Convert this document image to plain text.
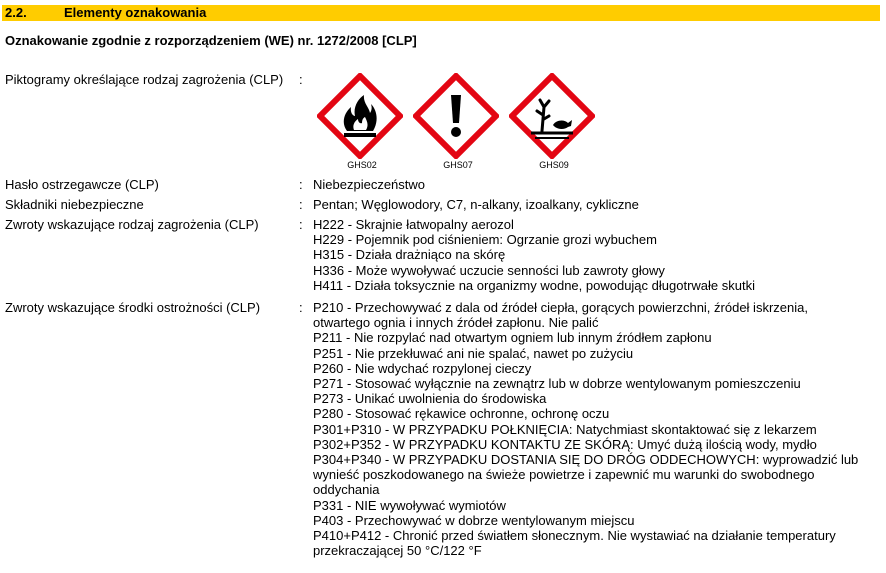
2.2.	Elementy oznakowania
Oznakowanie zgodnie z rozporządzeniem (WE) nr. 1272/2008 [CLP]
Piktogramy określające rodzaj zagrożenia (CLP) :
GHS02	GHS07	GHS09
Hasło ostrzegawcze (CLP)	: Niebezpieczeństwo
Składniki niebezpieczne	: Pentan; Węglowodory, C7, n-alkany, izoalkany, cykliczne
Zwroty wskazujące rodzaj zagrożenia (CLP)	: H222 - Skrajnie łatwopalny aerozol
H229 - Pojemnik pod ciśnieniem: Ogrzanie grozi wybuchem
H315 - Działa drażniąco na skórę
H336 - Może wywoływać uczucie senności lub zawroty głowy
H411 - Działa toksycznie na organizmy wodne, powodując długotrwałe skutki
Zwroty wskazujące środki ostrożności (CLP)	: P210 - Przechowywać z dala od źródeł ciepła, gorących powierzchni, źródeł iskrzenia,
otwartego ognia i innych źródeł zapłonu. Nie palić
P211 - Nie rozpylać nad otwartym ogniem lub innym źródłem zapłonu
P251 - Nie przekłuwać ani nie spalać, nawet po zużyciu
P260 - Nie wdychać rozpylonej cieczy
P271 - Stosować wyłącznie na zewnątrz lub w dobrze wentylowanym pomieszczeniu
P273 - Unikać uwolnienia do środowiska
P280 - Stosować rękawice ochronne, ochronę oczu
P301+P310 - W PRZYPADKU POŁKNIĘCIA: Natychmiast skontaktować się z lekarzem
P302+P352 - W PRZYPADKU KONTAKTU ZE SKÓRĄ: Umyć dużą ilością wody, mydło
P304+P340 - W PRZYPADKU DOSTANIA SIĘ DO DRÓG ODDECHOWYCH: wyprowadzić lub
wynieść poszkodowanego na świeże powietrze i zapewnić mu warunki do swobodnego
oddychania
P331 - NIE wywoływać wymiotów
P403 - Przechowywać w dobrze wentylowanym miejscu
P410+P412 - Chronić przed światłem słonecznym. Nie wystawiać na działanie temperatury
przekraczającej 50 °C/122 °F
